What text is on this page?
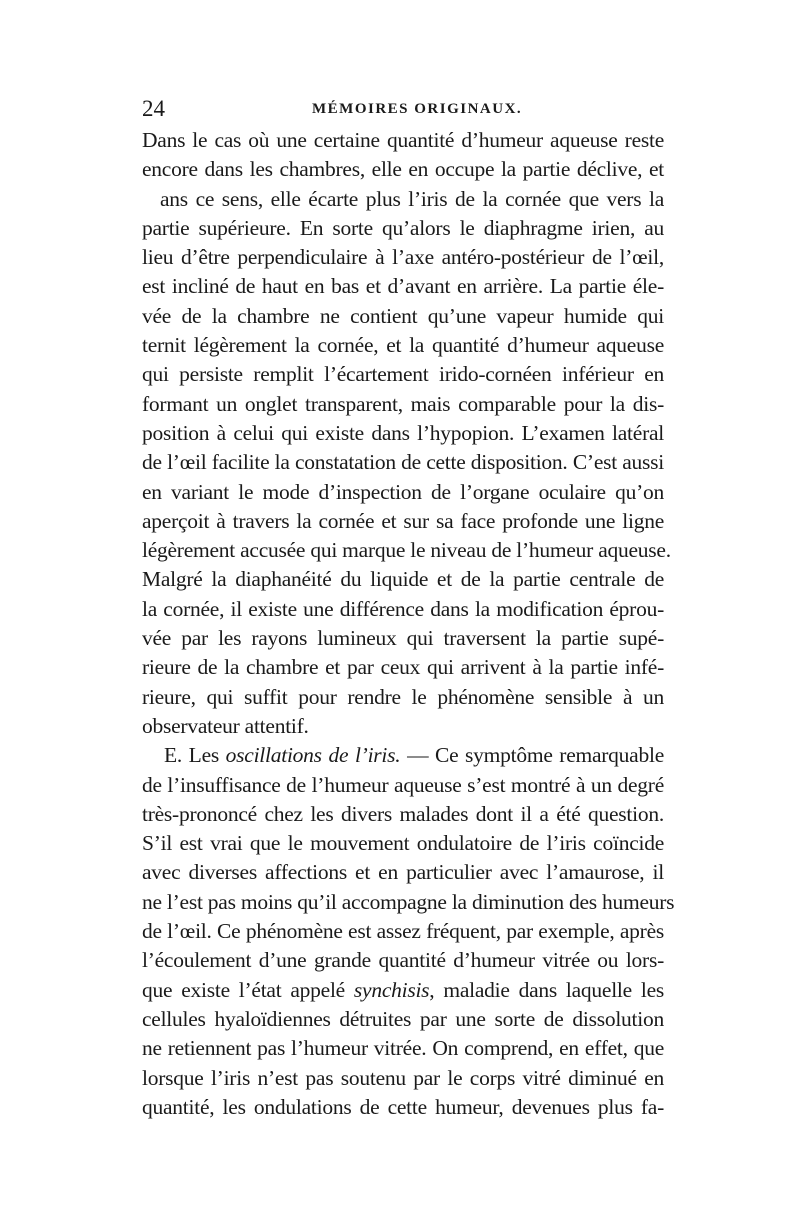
24	MÉMOIRES ORIGINAUX.
Dans le cas où une certaine quantité d’humeur aqueuse reste
encore dans les chambres, elle en occupe la partie déclive, et
ans ce sens, elle écarte plus l’iris de la cornée que vers la
partie supérieure. En sorte qu’alors le diaphragme irien, au
lieu d’être perpendiculaire à l’axe antéro-postérieur de l’œil,
est incliné de haut en bas et d’avant en arrière. La partie éle-
vée de la chambre ne contient qu’une vapeur humide qui
ternit légèrement la cornée, et la quantité d’humeur aqueuse
qui persiste remplit l’écartement irido-cornéen inférieur en
formant un onglet transparent, mais comparable pour la dis-
position à celui qui existe dans l’hypopion. L’examen latéral
de l’œil facilite la constatation de cette disposition. C’est aussi
en variant le mode d’inspection de l’organe oculaire qu’on
aperçoit à travers la cornée et sur sa face profonde une ligne
légèrement accusée qui marque le niveau de l’humeur aqueuse.
Malgré la diaphanéité du liquide et de la partie centrale de
la cornée, il existe une différence dans la modification éprou-
vée par les rayons lumineux qui traversent la partie supé-
rieure de la chambre et par ceux qui arrivent à la partie infé-
rieure, qui suffit pour rendre le phénomène sensible à un
observateur attentif.
E. Les oscillations de l’iris. — Ce symptôme remarquable
de l’insuffisance de l’humeur aqueuse s’est montré à un degré
très-prononcé chez les divers malades dont il a été question.
S’il est vrai que le mouvement ondulatoire de l’iris coïncide
avec diverses affections et en particulier avec l’amaurose, il
ne l’est pas moins qu’il accompagne la diminution des humeurs
de l’œil. Ce phénomène est assez fréquent, par exemple, après
l’écoulement d’une grande quantité d’humeur vitrée ou lors-
que existe l’état appelé synchisis, maladie dans laquelle les
cellules hyaloïdiennes détruites par une sorte de dissolution
ne retiennent pas l’humeur vitrée. On comprend, en effet, que
lorsque l’iris n’est pas soutenu par le corps vitré diminué en
quantité, les ondulations de cette humeur, devenues plus fa-
